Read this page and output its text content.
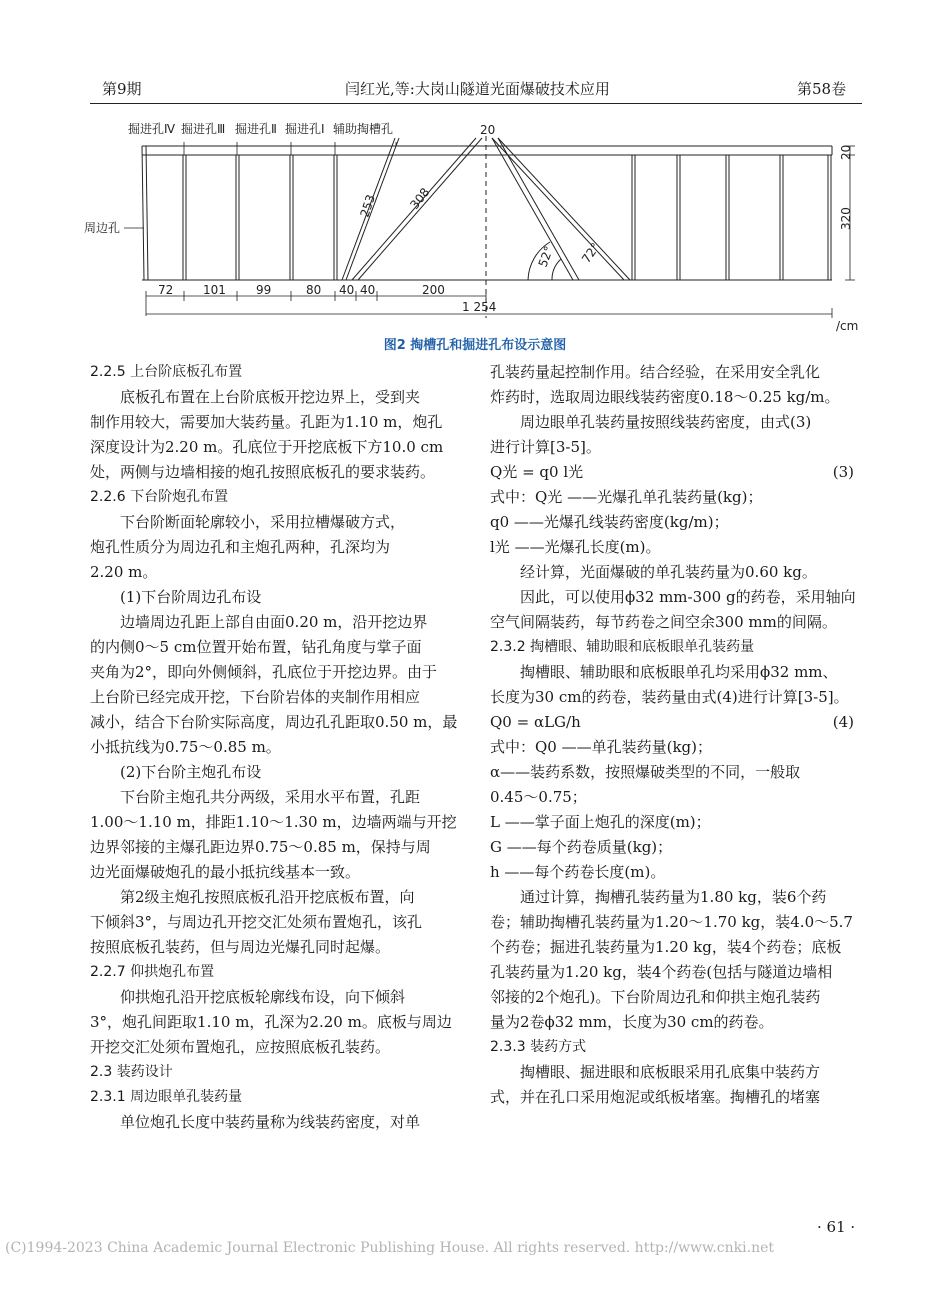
第9期	闫红光,等:大岗山隧道光面爆破技术应用	第58卷
掘进孔Ⅳ 掘进孔Ⅲ 掘进孔Ⅱ 掘进孔Ⅰ 辅助掏槽孔	20
周边孔
253 308
52° 72°
20
320
72 101	99	80 40 40	200
1 254
/cm
图2 掏槽孔和掘进孔布设示意图

2.2.5 上台阶底板孔布置

底板孔布置在上台阶底板开挖边界上，受到夹

制作用较大，需要加大装药量。孔距为1.10 m，炮孔

深度设计为2.20 m。孔底位于开挖底板下方10.0 cm

处，两侧与边墙相接的炮孔按照底板孔的要求装药。

2.2.6 下台阶炮孔布置

下台阶断面轮廓较小，采用拉槽爆破方式，

炮孔性质分为周边孔和主炮孔两种，孔深均为

2.20 m。

(1)下台阶周边孔布设

边墙周边孔距上部自由面0.20 m，沿开挖边界

的内侧0～5 cm位置开始布置，钻孔角度与掌子面

夹角为2°，即向外侧倾斜，孔底位于开挖边界。由于

上台阶已经完成开挖，下台阶岩体的夹制作用相应

减小，结合下台阶实际高度，周边孔孔距取0.50 m，最

小抵抗线为0.75～0.85 m。

(2)下台阶主炮孔布设

下台阶主炮孔共分两级，采用水平布置，孔距

1.00～1.10 m，排距1.10～1.30 m，边墙两端与开挖

边界邻接的主爆孔距边界0.75～0.85 m，保持与周

边光面爆破炮孔的最小抵抗线基本一致。

第2级主炮孔按照底板孔沿开挖底板布置，向

下倾斜3°，与周边孔开挖交汇处须布置炮孔，该孔

按照底板孔装药，但与周边光爆孔同时起爆。

2.2.7 仰拱炮孔布置

仰拱炮孔沿开挖底板轮廓线布设，向下倾斜

3°，炮孔间距取1.10 m，孔深为2.20 m。底板与周边

开挖交汇处须布置炮孔，应按照底板孔装药。

2.3 装药设计

2.3.1 周边眼单孔装药量

单位炮孔长度中装药量称为线装药密度，对单

孔装药量起控制作用。结合经验，在采用安全乳化

炸药时，选取周边眼线装药密度0.18～0.25 kg/m。

周边眼单孔装药量按照线装药密度，由式(3)

进行计算[3-5]。

Q光 = q0 l光	(3)

式中：Q光 ——光爆孔单孔装药量(kg)；

q0 ——光爆孔线装药密度(kg/m)；

l光 ——光爆孔长度(m)。

经计算，光面爆破的单孔装药量为0.60 kg。

因此，可以使用ϕ32 mm-300 g的药卷，采用轴向

空气间隔装药，每节药卷之间空余300 mm的间隔。

2.3.2 掏槽眼、辅助眼和底板眼单孔装药量

掏槽眼、辅助眼和底板眼单孔均采用ϕ32 mm、

长度为30 cm的药卷，装药量由式(4)进行计算[3-5]。

Q0 = αLG/h	(4)

式中：Q0 ——单孔装药量(kg)；

α——装药系数，按照爆破类型的不同，一般取

0.45～0.75；

L ——掌子面上炮孔的深度(m)；

G ——每个药卷质量(kg)；

h ——每个药卷长度(m)。

通过计算，掏槽孔装药量为1.80 kg，装6个药

卷；辅助掏槽孔装药量为1.20～1.70 kg，装4.0～5.7

个药卷；掘进孔装药量为1.20 kg，装4个药卷；底板

孔装药量为1.20 kg，装4个药卷(包括与隧道边墙相

邻接的2个炮孔)。下台阶周边孔和仰拱主炮孔装药

量为2卷ϕ32 mm，长度为30 cm的药卷。

2.3.3 装药方式

掏槽眼、掘进眼和底板眼采用孔底集中装药方

式，并在孔口采用炮泥或纸板堵塞。掏槽孔的堵塞

· 61 ·
(C)1994-2023 China Academic Journal Electronic Publishing House. All rights reserved. http://www.cnki.net
